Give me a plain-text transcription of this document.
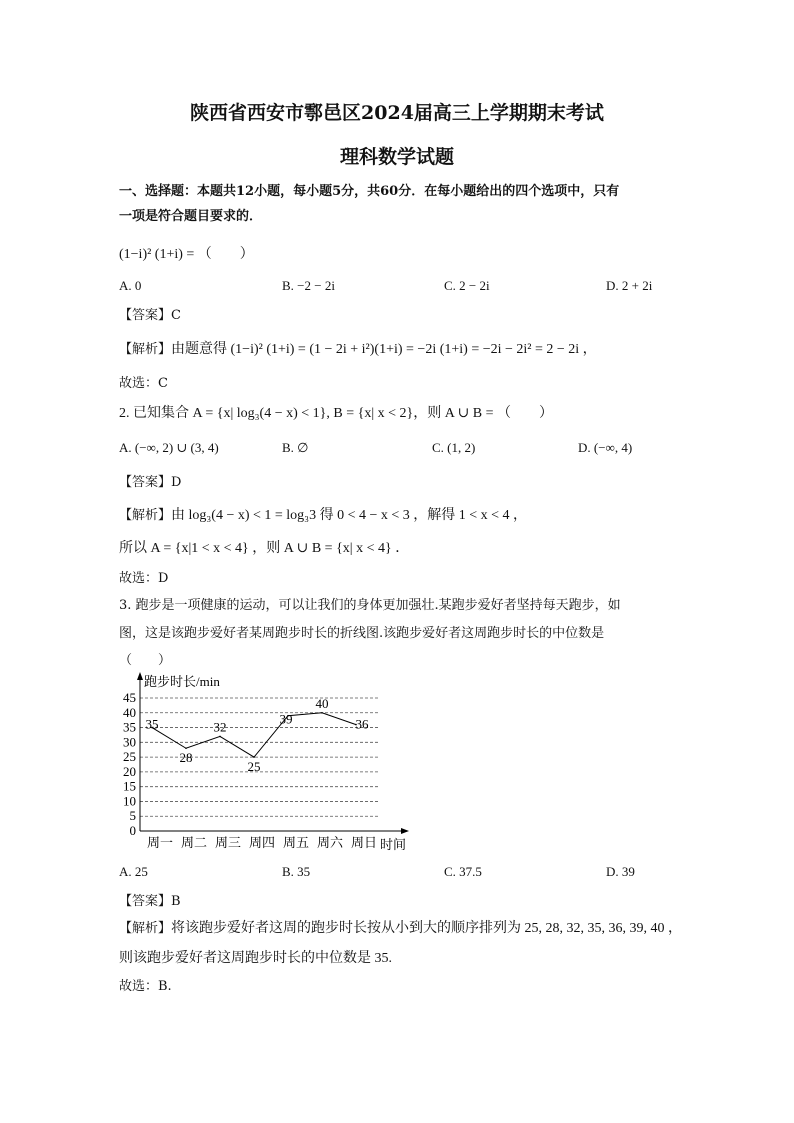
陕西省西安市鄠邑区2024届高三上学期期末考试
理科数学试题
一、选择题：本题共12小题，每小题5分，共60分．在每小题给出的四个选项中，只有
一项是符合题目要求的．
(1−i)² (1+i) = （　　）
A. 0	B. −2 − 2i	C. 2 − 2i	D. 2 + 2i
【答案】C
【解析】由题意得 (1−i)² (1+i) = (1 − 2i + i²)(1+i) = −2i (1+i) = −2i − 2i² = 2 − 2i ，
故选：C
2. 已知集合 A = {x| log₃(4 − x) < 1}, B = {x| x < 2}，则 A ∪ B = （　　）
A. (−∞, 2) ∪ (3, 4)	B. ∅	C. (1, 2)	D. (−∞, 4)
【答案】D
【解析】由 log₃(4 − x) < 1 = log₃3 得 0 < 4 − x < 3 ，解得 1 < x < 4 ，
所以 A = {x|1 < x < 4} ，则 A ∪ B = {x| x < 4} ．
故选：D
3. 跑步是一项健康的运动，可以让我们的身体更加强壮.某跑步爱好者坚持每天跑步，如
图，这是该跑步爱好者某周跑步时长的折线图.该跑步爱好者这周跑步时长的中位数是
（　　）
跑步时长/min
时间
0
5
10
15
20
25
30
35
40
45
周一 周二 周三 周四 周五 周六 周日
35
28
32
25
39
40
36
A. 25	B. 35	C. 37.5	D. 39
【答案】B
【解析】将该跑步爱好者这周的跑步时长按从小到大的顺序排列为 25, 28, 32, 35, 36, 39, 40 ，
则该跑步爱好者这周跑步时长的中位数是 35.
故选：B.
